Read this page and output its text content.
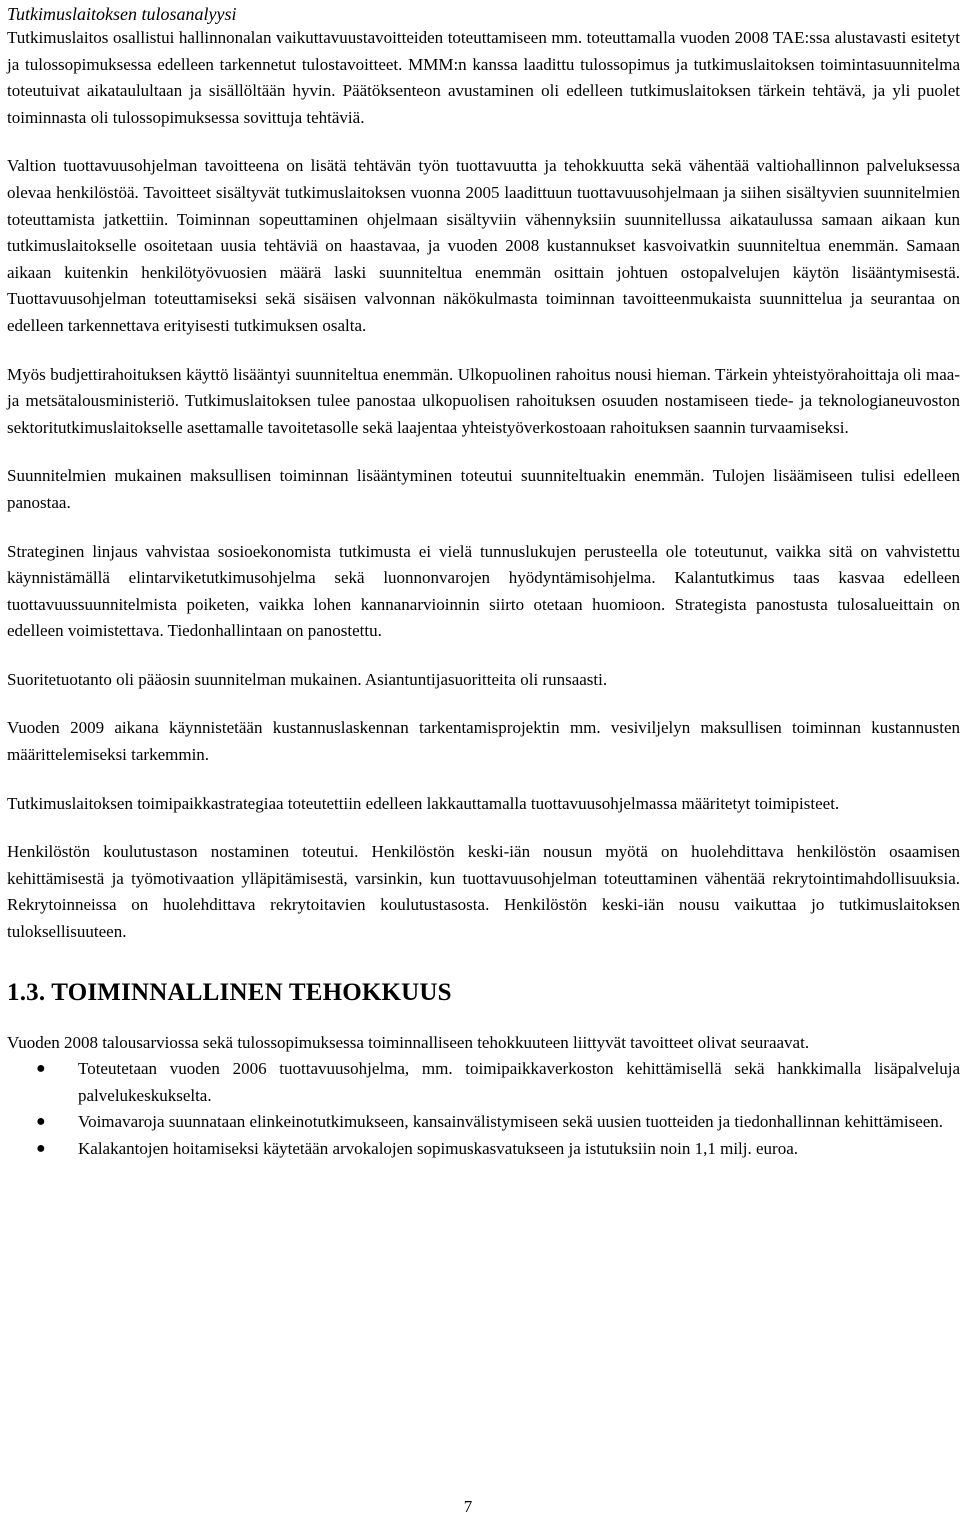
Tutkimuslaitoksen tulosanalyysi

Tutkimuslaitos osallistui hallinnonalan vaikuttavuustavoitteiden toteuttamiseen mm. toteuttamalla vuoden 2008 TAE:ssa alustavasti esitetyt ja tulossopimuksessa edelleen tarkennetut tulostavoitteet. MMM:n kanssa laadittu tulossopimus ja tutkimuslaitoksen toimintasuunnitelma toteutuivat aikataulultaan ja sisällöltään hyvin. Päätöksenteon avustaminen oli edelleen tutkimuslaitoksen tärkein tehtävä, ja yli puolet toiminnasta oli tulossopimuksessa sovittuja tehtäviä.

Valtion tuottavuusohjelman tavoitteena on lisätä tehtävän työn tuottavuutta ja tehokkuutta sekä vähentää valtiohallinnon palveluksessa olevaa henkilöstöä. Tavoitteet sisältyvät tutkimuslaitoksen vuonna 2005 laadittuun tuottavuusohjelmaan ja siihen sisältyvien suunnitelmien toteuttamista jatkettiin. Toiminnan sopeuttaminen ohjelmaan sisältyviin vähennyksiin suunnitellussa aikataulussa samaan aikaan kun tutkimuslaitokselle osoitetaan uusia tehtäviä on haastavaa, ja vuoden 2008 kustannukset kasvoivatkin suunniteltua enemmän. Samaan aikaan kuitenkin henkilötyövuosien määrä laski suunniteltua enemmän osittain johtuen ostopalvelujen käytön lisääntymisestä. Tuottavuusohjelman toteuttamiseksi sekä sisäisen valvonnan näkökulmasta toiminnan tavoitteenmukaista suunnittelua ja seurantaa on edelleen tarkennettava erityisesti tutkimuksen osalta.

Myös budjettirahoituksen käyttö lisääntyi suunniteltua enemmän. Ulkopuolinen rahoitus nousi hieman. Tärkein yhteistyörahoittaja oli maa- ja metsätalousministeriö. Tutkimuslaitoksen tulee panostaa ulkopuolisen rahoituksen osuuden nostamiseen tiede- ja teknologianeuvoston sektoritutkimuslaitokselle asettamalle tavoitetasolle sekä laajentaa yhteistyöverkostoaan rahoituksen saannin turvaamiseksi.

Suunnitelmien mukainen maksullisen toiminnan lisääntyminen toteutui suunniteltuakin enemmän. Tulojen lisäämiseen tulisi edelleen panostaa.

Strateginen linjaus vahvistaa sosioekonomista tutkimusta ei vielä tunnuslukujen perusteella ole toteutunut, vaikka sitä on vahvistettu käynnistämällä elintarviketutkimusohjelma sekä luonnonvarojen hyödyntämisohjelma. Kalantutkimus taas kasvaa edelleen tuottavuussuunnitelmista poiketen, vaikka lohen kannanarvioinnin siirto otetaan huomioon. Strategista panostusta tulosalueittain on edelleen voimistettava. Tiedonhallintaan on panostettu.

Suoritetuotanto oli pääosin suunnitelman mukainen. Asiantuntijasuoritteita oli runsaasti.

Vuoden 2009 aikana käynnistetään kustannuslaskennan tarkentamisprojektin mm. vesiviljelyn maksullisen toiminnan kustannusten määrittelemiseksi tarkemmin.

Tutkimuslaitoksen toimipaikkastrategiaa toteutettiin edelleen lakkauttamalla tuottavuusohjelmassa määritetyt toimipisteet.

Henkilöstön koulutustason nostaminen toteutui. Henkilöstön keski-iän nousun myötä on huolehdittava henkilöstön osaamisen kehittämisestä ja työmotivaation ylläpitämisestä, varsinkin, kun tuottavuusohjelman toteuttaminen vähentää rekrytointimahdollisuuksia. Rekrytoinneissa on huolehdittava rekrytoitavien koulutustasosta. Henkilöstön keski-iän nousu vaikuttaa jo tutkimuslaitoksen tuloksellisuuteen.

1.3. TOIMINNALLINEN TEHOKKUUS

Vuoden 2008 talousarviossa sekä tulossopimuksessa toiminnalliseen tehokkuuteen liittyvät tavoitteet olivat seuraavat.

● Toteutetaan vuoden 2006 tuottavuusohjelma, mm. toimipaikkaverkoston kehittämisellä sekä hankkimalla lisäpalveluja palvelukeskukselta.
● Voimavaroja suunnataan elinkeinotutkimukseen, kansainvälistymiseen sekä uusien tuotteiden ja tiedonhallinnan kehittämiseen.
● Kalakantojen hoitamiseksi käytetään arvokalojen sopimuskasvatukseen ja istutuksiin noin 1,1 milj. euroa.
7
